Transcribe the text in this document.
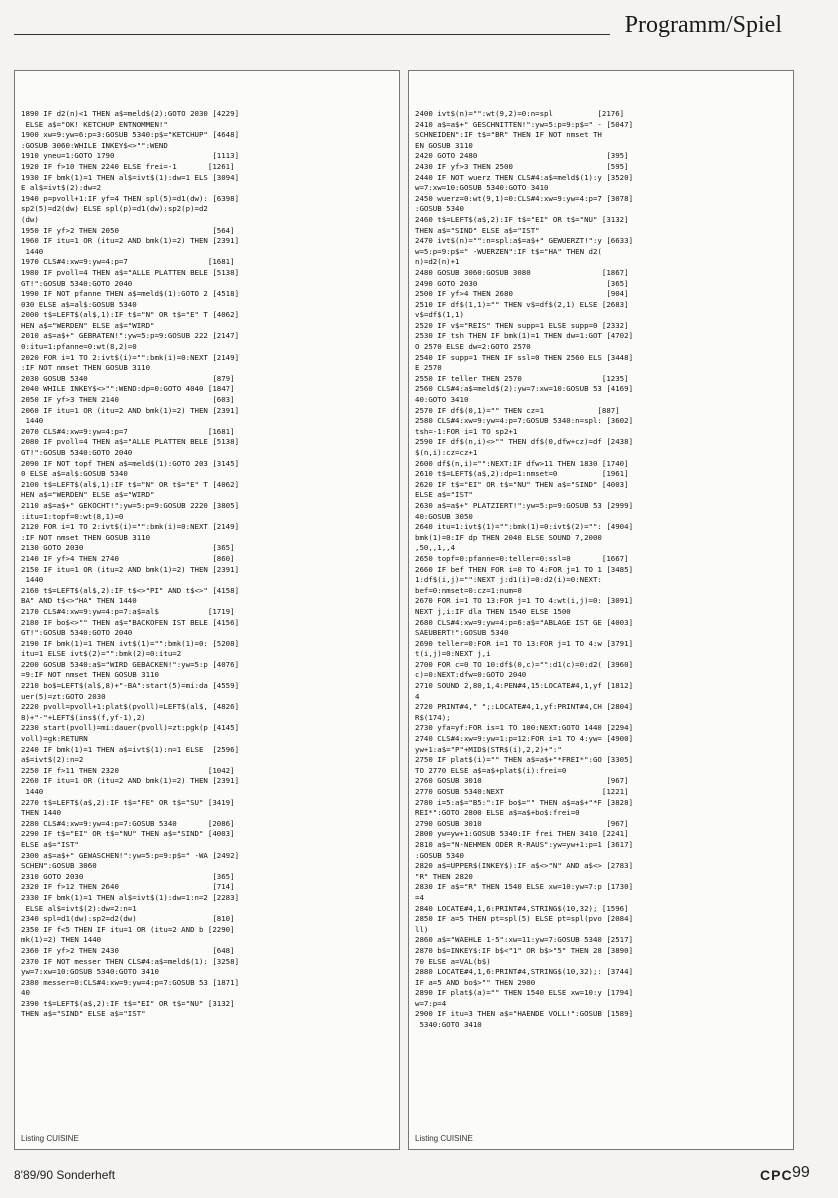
Programm/Spiel
1890 IF d2(n)<1 THEN a$=meld$(2):GOTO 2030 [4229]
ELSE a$="OK! KETCHUP ENTNOMMEN!"
1900 xw=9:yw=6:p=3:GOSUB 5340:p$="KETCHUP" [4648]
:GOSUB 3060:WHILE INKEY$<>"":WEND
1910 yneu=1:GOTO 1790                      [1113]
1920 IF f>10 THEN 2240 ELSE frei=-1       [1261]
1930 IF bmk(1)=1 THEN al$=ivt$(1):dw=1 ELS [3094]
E al$=ivt$(2):dw=2
1940 p=pvoll+1:IF yf=4 THEN spl(5)=d1(dw): [6398]
sp2(5)=d2(dw) ELSE spl(p)=d1(dw):sp2(p)=d2
(dw)
1950 IF yf>2 THEN 2050                     [564]
1960 IF itu=1 OR (itu=2 AND bmk(1)=2) THEN [2391]
1440
1970 CLS#4:xw=9:yw=4:p=7                  [1681]
1980 IF pvoll=4 THEN a$="ALLE PLATTEN BELE [5138]
GT!":GOSUB 5340:GOTO 2040
1990 IF NOT pfanne THEN a$=meld$(1):GOTO 2 [4518]
030 ELSE a$=al$:GOSUB 5340
2000 t$=LEFT$(al$,1):IF t$="N" OR t$="E" T [4062]
HEN a$="WERDEN" ELSE a$="WIRD"
2010 a$=a$+" GEBRATEN!":yw=5:p=9:GOSUB 222 [2147]
0:itu=1:pfanne=0:wt(8,2)=0
2020 FOR i=1 TO 2:ivt$(i)="":bmk(i)=0:NEXT [2149]
:IF NOT nmset THEN GOSUB 3110
2030 GOSUB 5340                            [879]
2040 WHILE INKEY$<>"":WEND:dp=0:GOTO 4040 [1847]
2050 IF yf>3 THEN 2140                     [603]
2060 IF itu=1 OR (itu=2 AND bmk(1)=2) THEN [2391]
1440
2070 CLS#4:xw=9:yw=4:p=7                  [1681]
2080 IF pvoll=4 THEN a$="ALLE PLATTEN BELE [5138]
GT!":GOSUB 5340:GOTO 2040
2090 IF NOT topf THEN a$=meld$(1):GOTO 203 [3145]
0 ELSE a$=al$:GOSUB 5340
2100 t$=LEFT$(al$,1):IF t$="N" OR t$="E" T [4062]
HEN a$="WERDEN" ELSE a$="WIRD"
2110 a$=a$+" GEKOCHT!":yw=5:p=9:GOSUB 2220 [3805]
:itu=1:topf=0:wt(8,1)=0
2120 FOR i=1 TO 2:ivt$(i)="":bmk(i)=0:NEXT [2149]
:IF NOT nmset THEN GOSUB 3110
2130 GOTO 2030                             [365]
2140 IF yf>4 THEN 2740                     [860]
2150 IF itu=1 OR (itu=2 AND bmk(1)=2) THEN [2391]
1440
2160 t$=LEFT$(al$,2):IF t$<>"PI" AND t$<>" [4158]
BA" AND t$<>"HA" THEN 1440
2170 CLS#4:xw=9:yw=4:p=7:a$=al$           [1719]
2180 IF bo$<>"" THEN a$="BACKOFEN IST BELE [4156]
GT!":GOSUB 5340:GOTO 2040
2190 IF bmk(1)=1 THEN ivt$(1)="":bmk(1)=0: [5208]
itu=1 ELSE ivt$(2)="":bmk(2)=0:itu=2
2200 GOSUB 5340:a$="WIRD GEBACKEN!":yw=5:p [4076]
=9:IF NOT nmset THEN GOSUB 3110
2210 bo$=LEFT$(al$,8)+"-BA":start(5)=mi:da [4559]
uer(5)=zt:GOTO 2030
2220 pvoll=pvoll+1:plat$(pvoll)=LEFT$(al$, [4826]
8)+"-"+LEFT$(ins$(f,yf-1),2)
2230 start(pvoll)=mi:dauer(pvoll)=zt:pgk(p [4145]
voll)=gk:RETURN
2240 IF bmk(1)=1 THEN a$=ivt$(1):n=1 ELSE  [2596]
a$=ivt$(2):n=2
2250 IF f>11 THEN 2320                    [1042]
2260 IF itu=1 OR (itu=2 AND bmk(1)=2) THEN [2391]
1440
2270 t$=LEFT$(a$,2):IF t$="FE" OR t$="SU" [3419]
THEN 1440
2280 CLS#4:xw=9:yw=4:p=7:GOSUB 5340       [2086]
2290 IF t$="EI" OR t$="NU" THEN a$="SIND" [4003]
ELSE a$="IST"
2300 a$=a$+" GEWASCHEN!":yw=5:p=9:p$=" -WA [2492]
SCHEN":GOSUB 3060
2310 GOTO 2030                             [365]
2320 IF f>12 THEN 2640                     [714]
2330 IF bmk(1)=1 THEN al$=ivt$(1):dw=1:n=2 [2283]
ELSE al$=ivt$(2):dw=2:n=1
2340 spl=d1(dw):sp2=d2(dw)                 [810]
2350 IF f<5 THEN IF itu=1 OR (itu=2 AND b [2290]
mk(1)=2) THEN 1440
2360 IF yf>2 THEN 2430                     [648]
2370 IF NOT messer THEN CLS#4:a$=meld$(1): [3258]
yw=7:xw=10:GOSUB 5340:GOTO 3410
2380 messer=0:CLS#4:xw=9:yw=4:p=7:GOSUB 53 [1871]
40
2390 t$=LEFT$(a$,2):IF t$="EI" OR t$="NU" [3132]
THEN a$="SIND" ELSE a$="IST"
Listing CUISINE
2400 ivt$(n)="":wt(9,2)=0:n=spl          [2176]
2410 a$=a$+" GESCHNITTEN!":yw=5:p=9:p$=" - [5047]
SCHNEIDEN":IF t$="BR" THEN IF NOT nmset TH
EN GOSUB 3110
2420 GOTO 2480                             [395]
2430 IF yf>3 THEN 2500                     [595]
2440 IF NOT wuerz THEN CLS#4:a$=meld$(1):y [3520]
w=7:xw=10:GOSUB 5340:GOTO 3410
2450 wuerz=0:wt(9,1)=0:CLS#4:xw=9:yw=4:p=7 [3078]
:GOSUB 5340
2460 t$=LEFT$(a$,2):IF t$="EI" OR t$="NU" [3132]
THEN a$="SIND" ELSE a$="IST"
2470 ivt$(n)="":n=spl:a$=a$+" GEWUERZT!":y [6633]
w=5:p=9:p$=" -WUERZEN":IF t$="HA" THEN d2(
n)=d2(n)+1
2480 GOSUB 3060:GOSUB 3080                [1867]
2490 GOTO 2030                             [365]
2500 IF yf>4 THEN 2680                     [904]
2510 IF df$(1,1)="" THEN v$=df$(2,1) ELSE [2683]
v$=df$(1,1)
2520 IF v$="REIS" THEN supp=1 ELSE supp=0 [2332]
2530 IF tsh THEN IF bmk(1)=1 THEN dw=1:GOT [4702]
O 2570 ELSE dw=2:GOTO 2570
2540 IF supp=1 THEN IF ssl=0 THEN 2560 ELS [3448]
E 2570
2550 IF teller THEN 2570                  [1235]
2560 CLS#4:a$=meld$(2):yw=7:xw=10:GOSUB 53 [4169]
40:GOTO 3410
2570 IF df$(0,1)="" THEN cz=1            [887]
2580 CLS#4:xw=9:yw=4:p=7:GOSUB 5340:n=spl: [3602]
tsh=-1:FOR i=1 TO sp2+1
2590 IF df$(n,i)<>"" THEN df$(0,dfw+cz)=df [2438]
$(n,i):cz=cz+1
2600 df$(n,i)="":NEXT:IF dfw>11 THEN 1830 [1740]
2610 t$=LEFT$(a$,2):dp=1:nmset=0          [1961]
2620 IF t$="EI" OR t$="NU" THEN a$="SIND" [4003]
ELSE a$="IST"
2630 a$=a$+" PLATZIERT!":yw=5:p=9:GOSUB 53 [2999]
40:GOSUB 3050
2640 itu=1:ivt$(1)="":bmk(1)=0:ivt$(2)="": [4904]
bmk(1)=0:IF dp THEN 2040 ELSE SOUND 7,2000
,50,,1,,4
2650 topf=0:pfanne=0:teller=0:ssl=0       [1667]
2660 IF bef THEN FOR i=0 TO 4:FOR j=1 TO 1 [3485]
1:df$(i,j)="":NEXT j:d1(i)=0:d2(i)=0:NEXT:
bef=0:nmset=0:cz=1:num=0
2670 FOR i=1 TO 13:FOR j=1 TO 4:wt(i,j)=0: [3091]
NEXT j,i:IF dla THEN 1540 ELSE 1500
2680 CLS#4:xw=9:yw=4:p=6:a$="ABLAGE IST GE [4003]
SAEUBERT!":GOSUB 5340
2690 teller=0:FOR i=1 TO 13:FOR j=1 TO 4:w [3791]
t(i,j)=0:NEXT j,i
2700 FOR c=0 TO 10:df$(0,c)="":d1(c)=0:d2( [3960]
c)=0:NEXT:dfw=0:GOTO 2040
2710 SOUND 2,80,1,4:PEN#4,15:LOCATE#4,1,yf [1812]
4
2720 PRINT#4," ";:LOCATE#4,1,yf:PRINT#4,CH [2804]
R$(174);
2730 yfa=yf:FOR is=1 TO 100:NEXT:GOTO 1440 [2294]
2740 CLS#4:xw=9:yw=1:p=12:FOR i=1 TO 4:yw= [4900]
yw+1:a$="P"+MID$(STR$(i),2,2)+":"
2750 IF plat$(i)="" THEN a$=a$+"*FREI*":GO [3305]
TO 2770 ELSE a$=a$+plat$(i):frei=0
2760 GOSUB 3010                            [967]
2770 GOSUB 5340:NEXT                      [1221]
2780 i=5:a$="B5:":IF bo$="" THEN a$=a$+"*F [3828]
REI*":GOTO 2800 ELSE a$=a$+bo$:frei=0
2790 GOSUB 3010                            [967]
2800 yw=yw+1:GOSUB 5340:IF frei THEN 3410 [2241]
2810 a$="N-NEHMEN ODER R-RAUS":yw=yw+1:p=1 [3617]
:GOSUB 5340
2820 a$=UPPER$(INKEY$):IF a$<>"N" AND a$<> [2783]
"R" THEN 2820
2830 IF a$="R" THEN 1540 ELSE xw=10:yw=7:p [1730]
=4
2840 LOCATE#4,1,6:PRINT#4,STRING$(10,32); [1596]
2850 IF a=5 THEN pt=spl(5) ELSE pt=spl(pvo [2084]
ll)
2860 a$="WAEHLE 1-5":xw=11:yw=7:GOSUB 5340 [2517]
2870 b$=INKEY$:IF b$<"1" OR b$>"5" THEN 28 [3890]
70 ELSE a=VAL(b$)
2880 LOCATE#4,1,6:PRINT#4,STRING$(10,32);: [3744]
IF a=5 AND bo$>"" THEN 2900
2890 IF plat$(a)="" THEN 1540 ELSE xw=10:y [1794]
w=7:p=4
2900 IF itu=3 THEN a$="HAENDE VOLL!":GOSUB [1589]
5340:GOTO 3410
Listing CUISINE
8'89/90 Sonderheft	CPC 99
